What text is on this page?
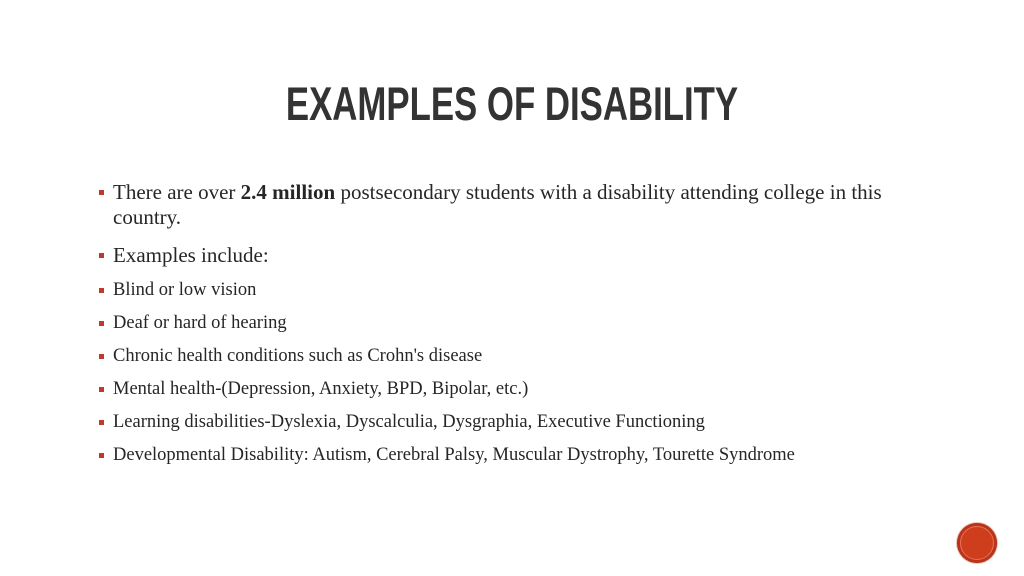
EXAMPLES OF DISABILITY
There are over 2.4 million postsecondary students with a disability attending college in this country.
Examples include:
Blind or low vision
Deaf or hard of hearing
Chronic health conditions such as Crohn's disease
Mental health-(Depression, Anxiety, BPD, Bipolar, etc.)
Learning disabilities-Dyslexia, Dyscalculia, Dysgraphia, Executive Functioning
Developmental Disability: Autism, Cerebral Palsy, Muscular Dystrophy, Tourette Syndrome
